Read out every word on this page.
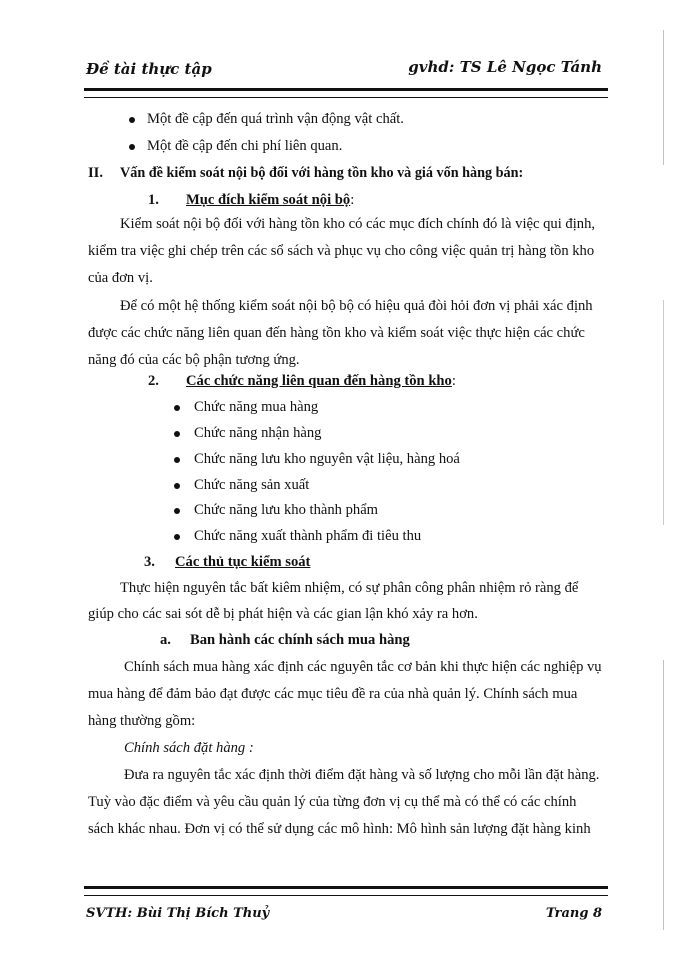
Đề tài thực tập	gvhd: TS Lê Ngọc Tánh
Một đề cập đến quá trình vận động vật chất.
Một đề cập đến chi phí liên quan.
II. Vấn đề kiểm soát nội bộ đối với hàng tồn kho và giá vốn hàng bán:
1. Mục đích kiểm soát nội bộ:
Kiểm soát nội bộ đối với hàng tồn kho có các mục đích chính đó là việc qui định,
kiểm tra việc ghi chép trên các sổ sách và phục vụ cho công việc quản trị hàng tồn kho
của đơn vị.
Để có một hệ thống kiểm soát nội bộ bộ có hiệu quả đòi hỏi đơn vị phải xác định
được các chức năng liên quan đến hàng tồn kho và kiểm soát việc thực hiện các chức
năng đó của các bộ phận tương ứng.
2. Các chức năng liên quan đến hàng tồn kho:
Chức năng mua hàng
Chức năng nhận hàng
Chức năng lưu kho nguyên vật liệu, hàng hoá
Chức năng sản xuất
Chức năng lưu kho thành phẩm
Chức năng xuất thành phẩm đi tiêu thu
3. Các thủ tục kiểm soát
Thực hiện nguyên tắc bất kiêm nhiệm, có sự phân công phân nhiệm rỏ ràng để
giúp cho các sai sót dễ bị phát hiện và các gian lận khó xảy ra hơn.
a. Ban hành các chính sách mua hàng
Chính sách mua hàng xác định các nguyên tắc cơ bản khi thực hiện các nghiệp vụ
mua hàng để đảm bảo đạt được các mục tiêu đề ra của nhà quản lý. Chính sách mua
hàng thường gồm:
Chính sách đặt hàng :
Đưa ra nguyên tắc xác định thời điểm đặt hàng và số lượng cho mỗi lần đặt hàng.
Tuỳ vào đặc điểm và yêu cầu quản lý của từng đơn vị cụ thể mà có thể có các chính
sách khác nhau. Đơn vị có thể sử dụng các mô hình: Mô hình sản lượng đặt hàng kinh
SVTH: Bùi Thị Bích Thuỷ	Trang 8
